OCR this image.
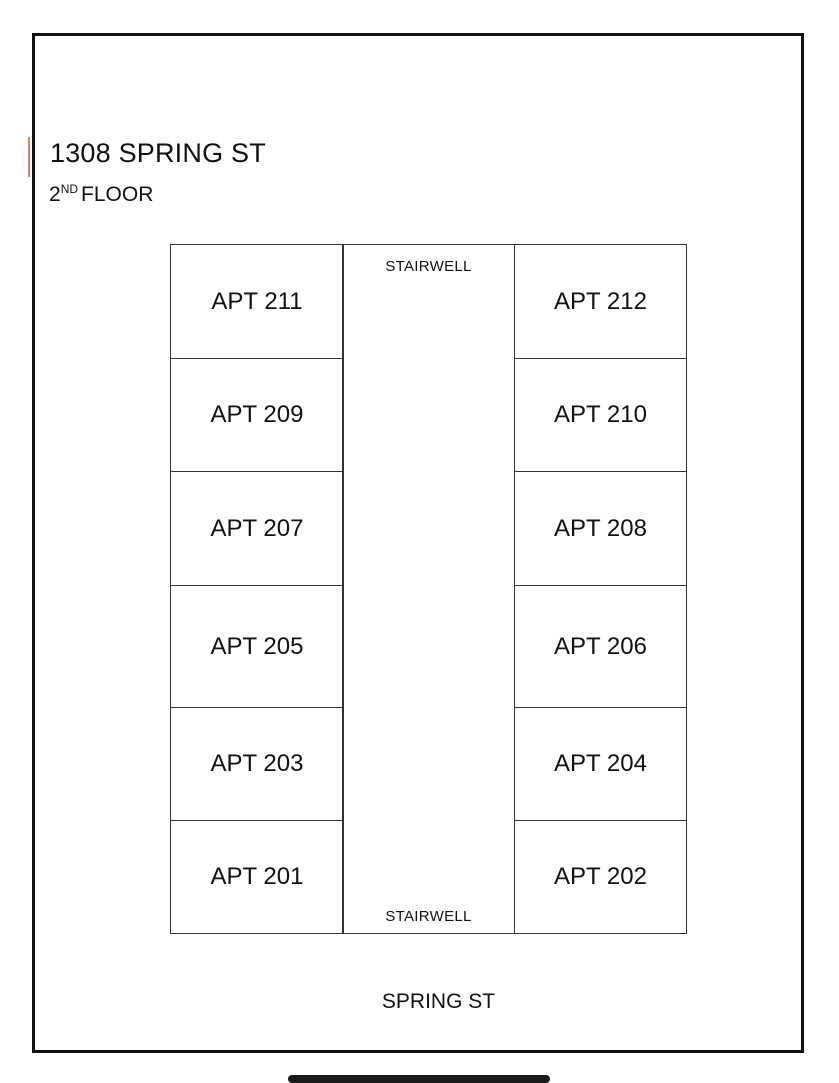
1308 SPRING ST
2ND FLOOR
APT 211
APT 209
APT 207
APT 205
APT 203
APT 201
STAIRWELL
STAIRWELL
APT 212
APT 210
APT 208
APT 206
APT 204
APT 202
SPRING ST
